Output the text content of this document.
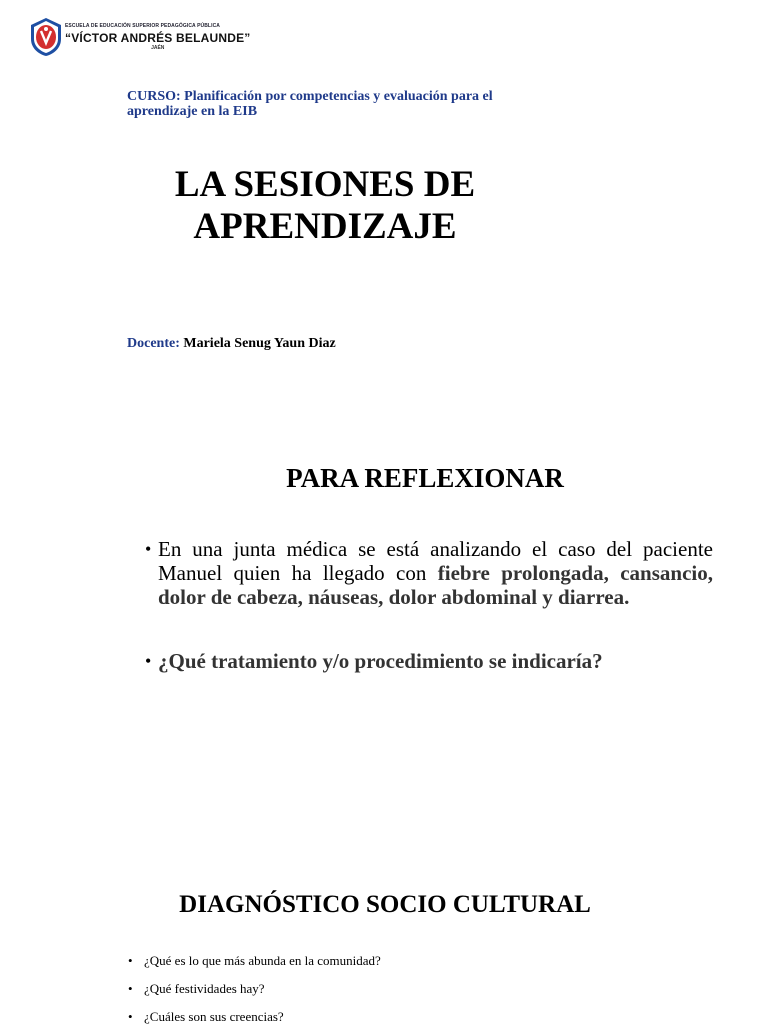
ESCUELA DE EDUCACIÓN SUPERIOR PEDAGÓGICA PÚBLICA
“VÍCTOR ANDRÉS BELAUNDE”
JAÉN
CURSO: Planificación por competencias y evaluación para el
aprendizaje en la EIB
LA SESIONES DE
APRENDIZAJE
Docente: Mariela Senug Yaun Diaz
PARA REFLEXIONAR
• En una junta médica se está analizando el caso del paciente Manuel quien ha llegado con fiebre prolongada, cansancio, dolor de cabeza, náuseas, dolor abdominal y diarrea.
• ¿Qué tratamiento y/o procedimiento se indicaría?
DIAGNÓSTICO SOCIO CULTURAL
• ¿Qué es lo que más abunda en la comunidad?
• ¿Qué festividades hay?
• ¿Cuáles son sus creencias?
